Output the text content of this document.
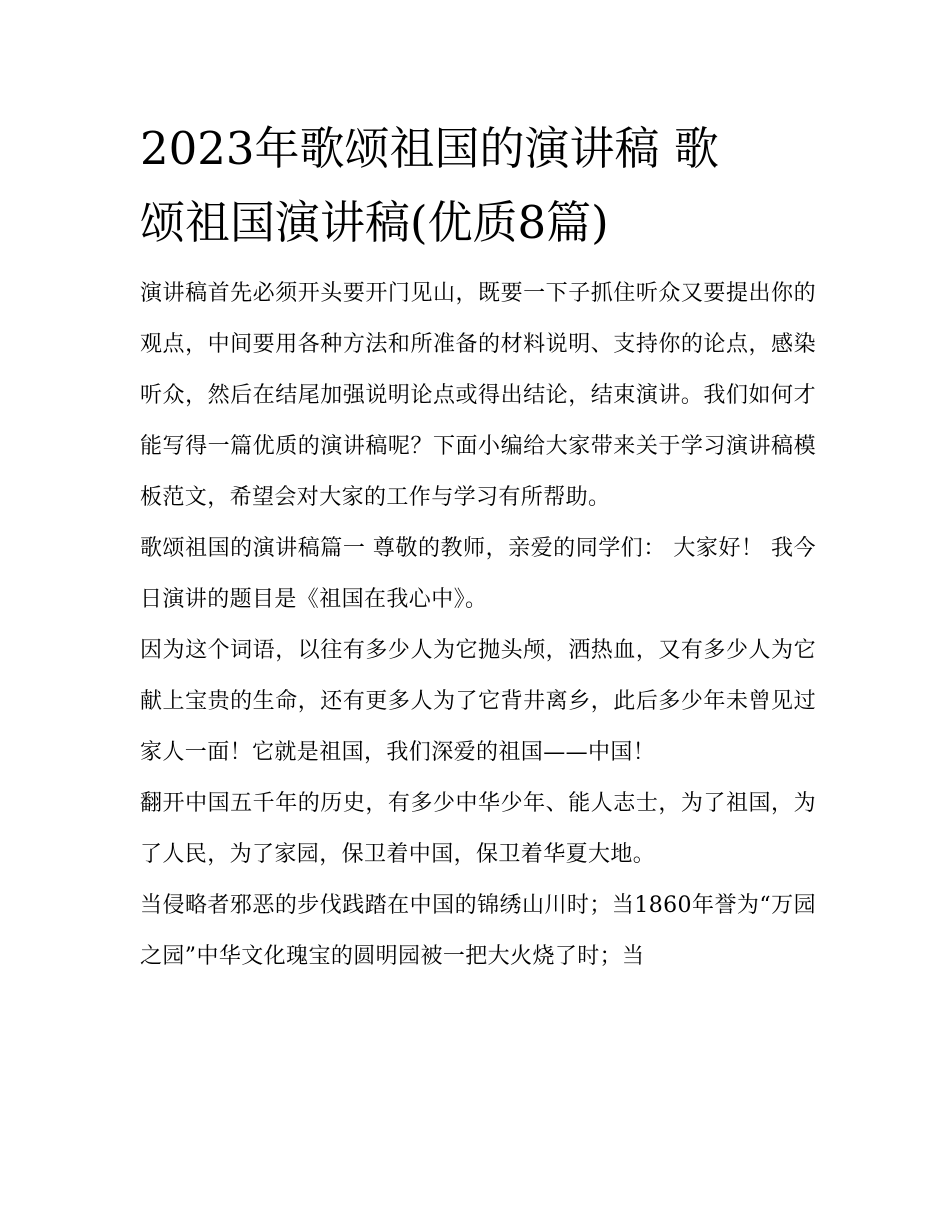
2023年歌颂祖国的演讲稿 歌
颂祖国演讲稿(优质8篇)

演讲稿首先必须开头要开门见山，既要一下子抓住听众又要提出你的观点，中间要用各种方法和所准备的材料说明、支持你的论点，感染听众，然后在结尾加强说明论点或得出结论，结束演讲。我们如何才能写得一篇优质的演讲稿呢？下面小编给大家带来关于学习演讲稿模板范文，希望会对大家的工作与学习有所帮助。

歌颂祖国的演讲稿篇一 尊敬的教师，亲爱的同学们： 大家好！ 我今日演讲的题目是《祖国在我心中》。

因为这个词语，以往有多少人为它抛头颅，洒热血，又有多少人为它献上宝贵的生命，还有更多人为了它背井离乡，此后多少年未曾见过家人一面！它就是祖国，我们深爱的祖国——中国！

翻开中国五千年的历史，有多少中华少年、能人志士，为了祖国，为了人民，为了家园，保卫着中国，保卫着华夏大地。

当侵略者邪恶的步伐践踏在中国的锦绣山川时；当1860年誉为“万园之园”中华文化瑰宝的圆明园被一把大火烧了时；当
